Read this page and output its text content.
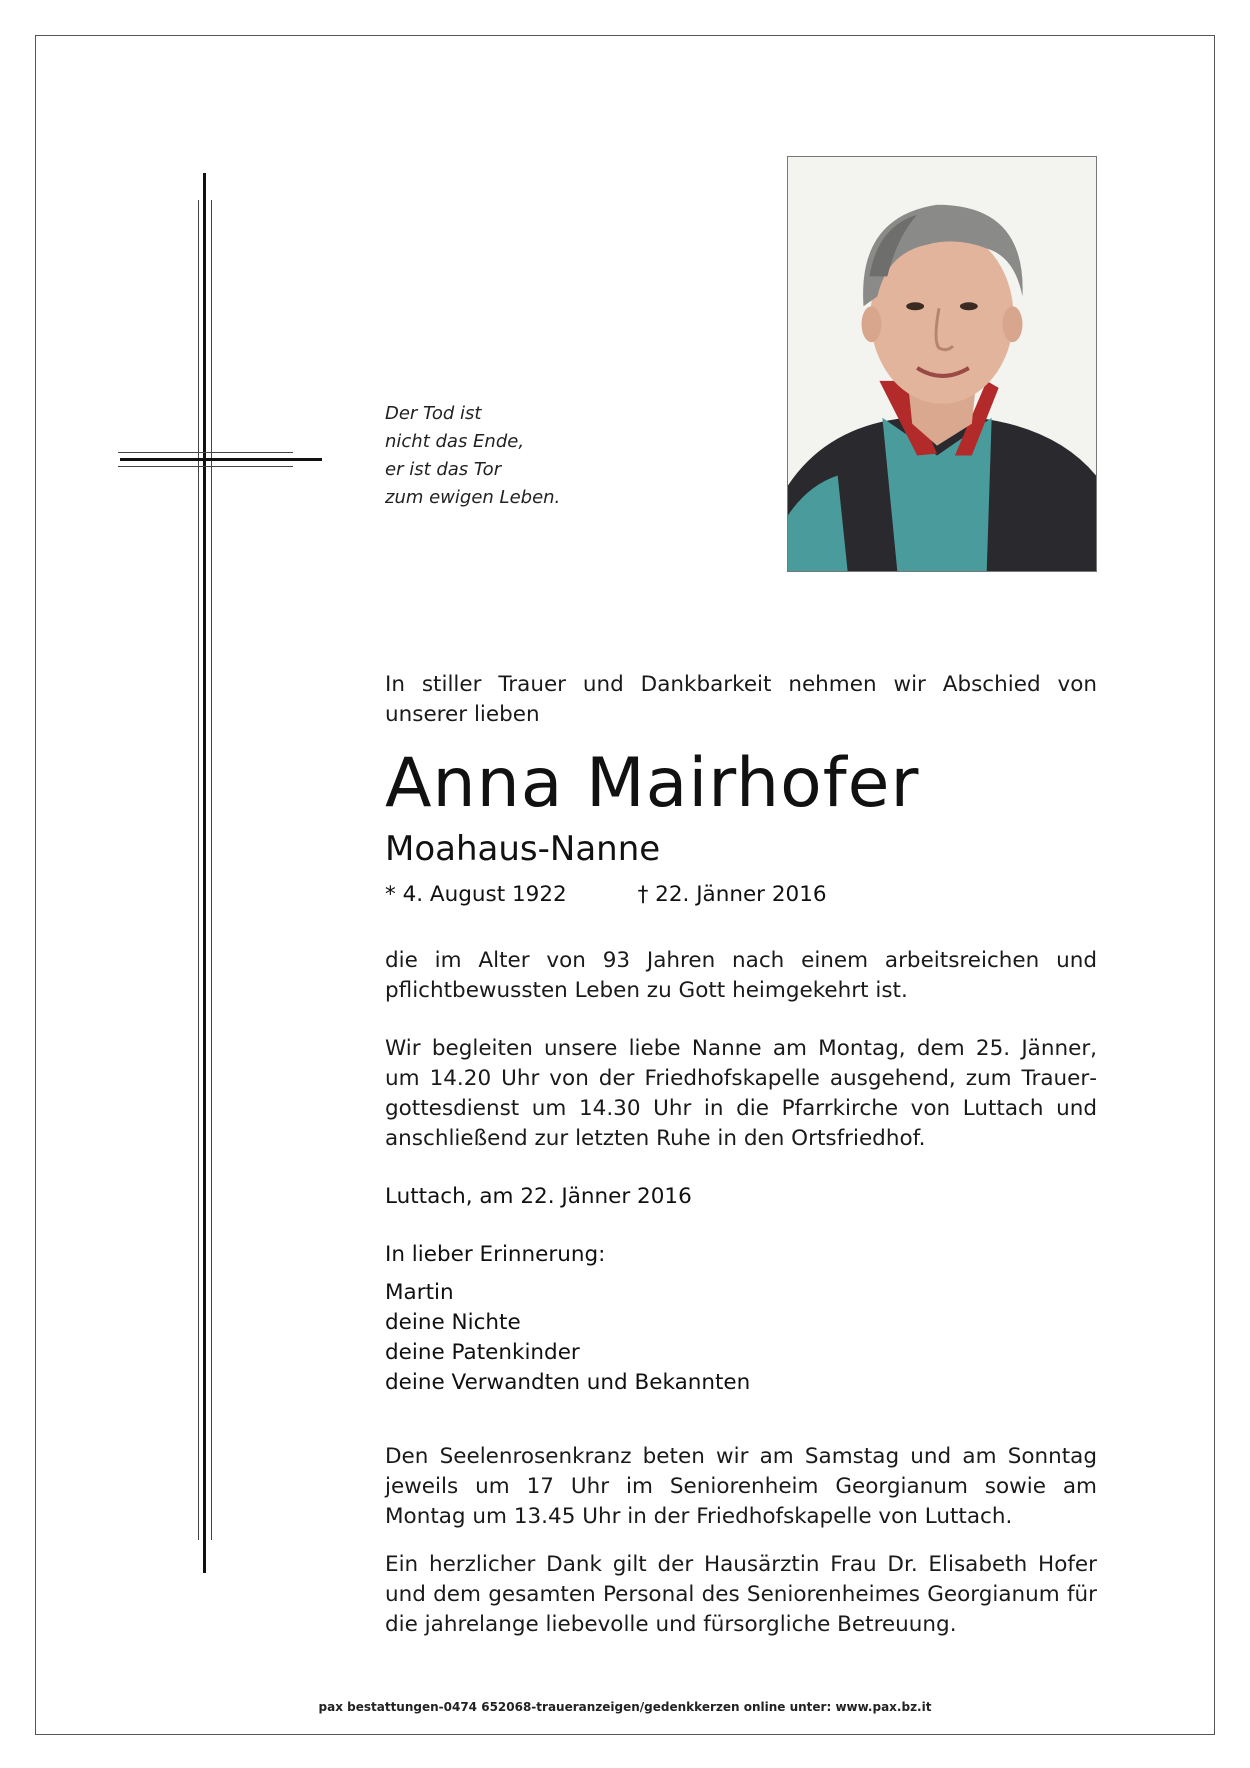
Der Tod ist
nicht das Ende,
er ist das Tor
zum ewigen Leben.
In stiller Trauer und Dankbarkeit nehmen wir Abschied von unserer lieben
Anna Mairhofer
Moahaus-Nanne
* 4. August 1922	† 22. Jänner 2016
die im Alter von 93 Jahren nach einem arbeitsreichen und pflichtbewussten Leben zu Gott heimgekehrt ist.
Wir begleiten unsere liebe Nanne am Montag, dem 25. Jänner, um 14.20 Uhr von der Friedhofskapelle ausgehend, zum Trauergottesdienst um 14.30 Uhr in die Pfarrkirche von Luttach und anschließend zur letzten Ruhe in den Ortsfriedhof.
Luttach, am 22. Jänner 2016
In lieber Erinnerung:
Martin
deine Nichte
deine Patenkinder
deine Verwandten und Bekannten
Den Seelenrosenkranz beten wir am Samstag und am Sonntag jeweils um 17 Uhr im Seniorenheim Georgianum sowie am Montag um 13.45 Uhr in der Friedhofskapelle von Luttach.
Ein herzlicher Dank gilt der Hausärztin Frau Dr. Elisabeth Hofer und dem gesamten Personal des Seniorenheimes Georgianum für die jahrelange liebevolle und fürsorgliche Betreuung.
pax bestattungen-0474 652068-traueranzeigen/gedenkkerzen online unter: www.pax.bz.it
